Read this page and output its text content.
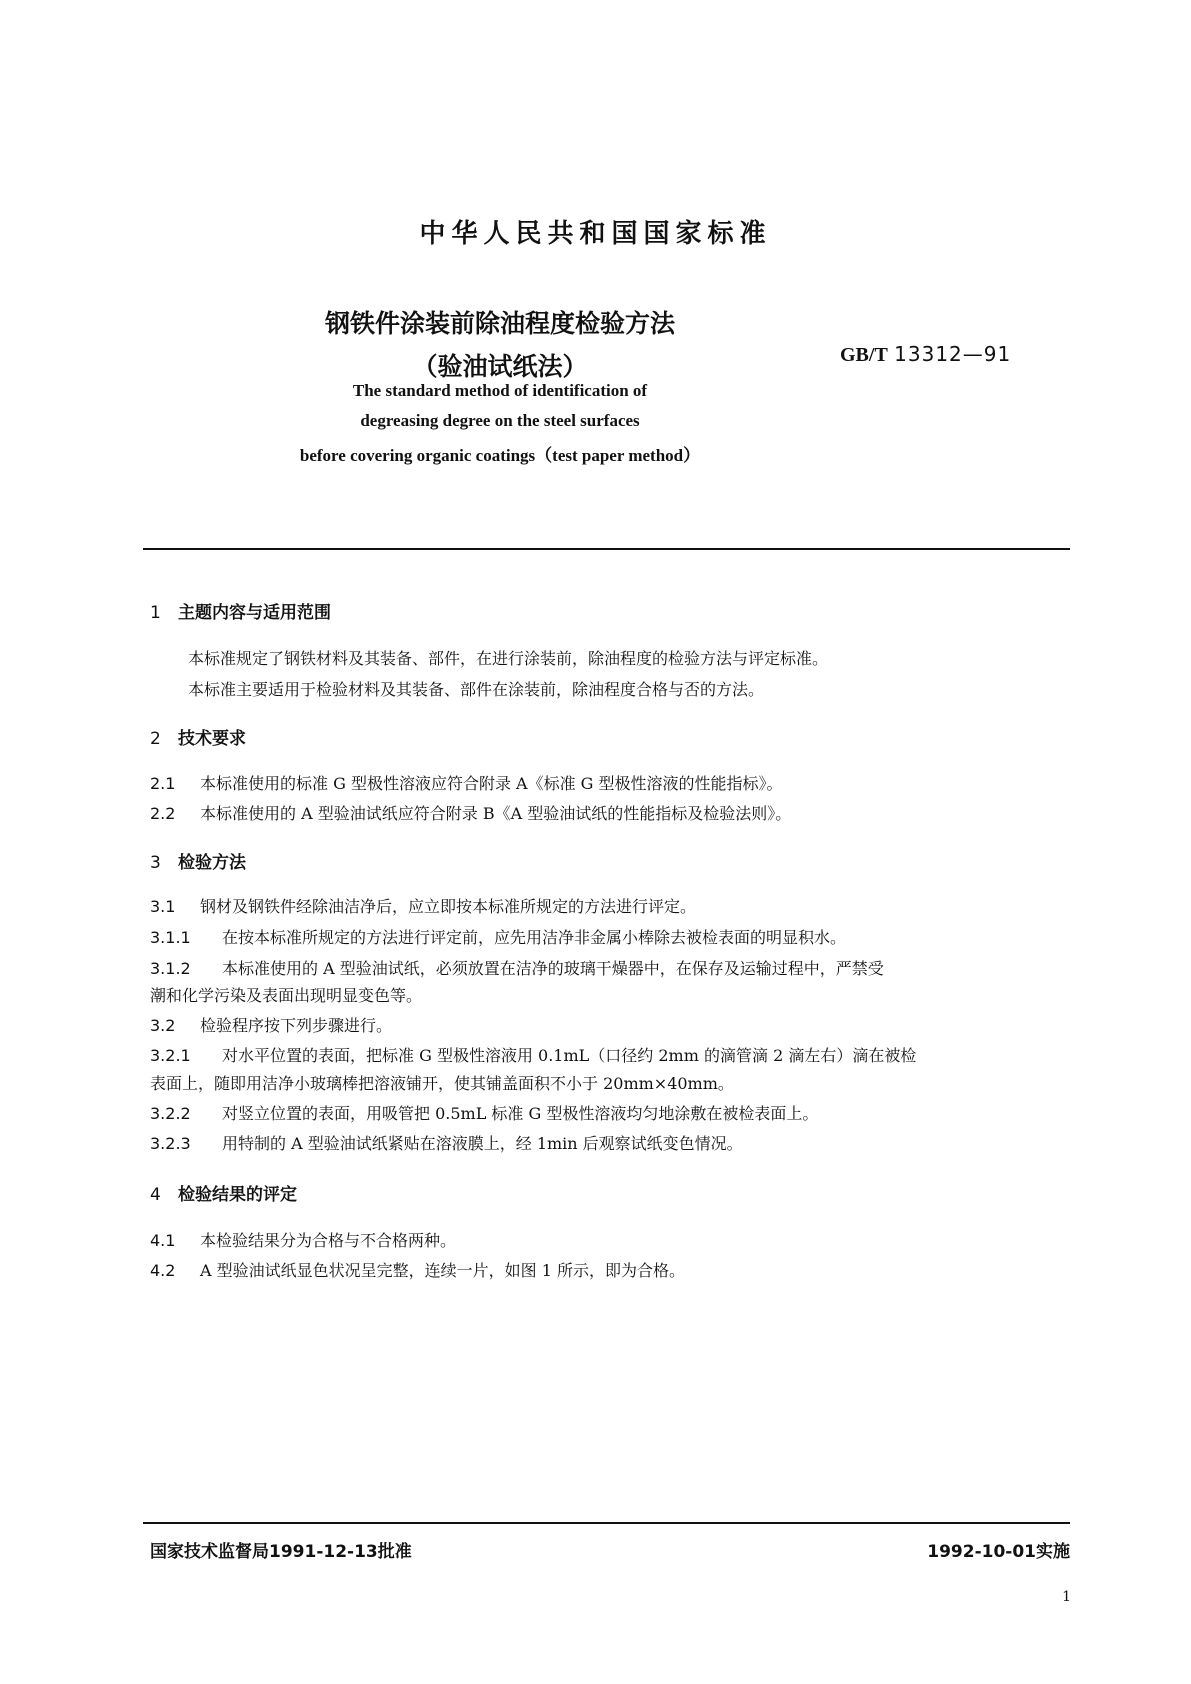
中华人民共和国国家标准
钢铁件涂装前除油程度检验方法
（验油试纸法）	GB/T 13312—91
The standard method of identification of
degreasing degree on the steel surfaces
before covering organic coatings（test paper method）
1 主题内容与适用范围
本标准规定了钢铁材料及其装备、部件，在进行涂装前，除油程度的检验方法与评定标准。
本标准主要适用于检验材料及其装备、部件在涂装前，除油程度合格与否的方法。
2 技术要求
2.1 本标准使用的标准 G 型极性溶液应符合附录 A《标准 G 型极性溶液的性能指标》。
2.2 本标准使用的 A 型验油试纸应符合附录 B《A 型验油试纸的性能指标及检验法则》。
3 检验方法
3.1 钢材及钢铁件经除油洁净后，应立即按本标准所规定的方法进行评定。
3.1.1 在按本标准所规定的方法进行评定前，应先用洁净非金属小棒除去被检表面的明显积水。
3.1.2 本标准使用的 A 型验油试纸，必须放置在洁净的玻璃干燥器中，在保存及运输过程中，严禁受
潮和化学污染及表面出现明显变色等。
3.2 检验程序按下列步骤进行。
3.2.1 对水平位置的表面，把标准 G 型极性溶液用 0.1mL（口径约 2mm 的滴管滴 2 滴左右）滴在被检
表面上，随即用洁净小玻璃棒把溶液铺开，使其铺盖面积不小于 20mm×40mm。
3.2.2 对竖立位置的表面，用吸管把 0.5mL 标准 G 型极性溶液均匀地涂敷在被检表面上。
3.2.3 用特制的 A 型验油试纸紧贴在溶液膜上，经 1min 后观察试纸变色情况。
4 检验结果的评定
4.1 本检验结果分为合格与不合格两种。
4.2 A 型验油试纸显色状况呈完整，连续一片，如图 1 所示，即为合格。
国家技术监督局1991-12-13批准	1992-10-01实施
1
